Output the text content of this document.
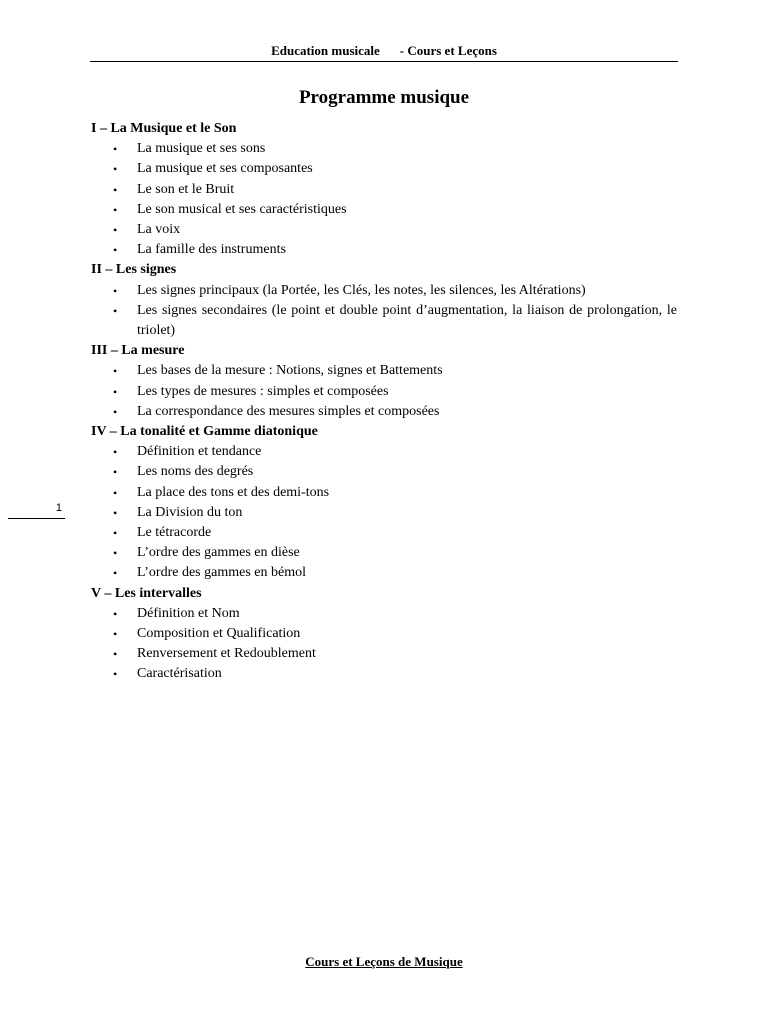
Education musicale - Cours et Leçons
Programme musique

I – La Musique et le Son

• La musique et ses sons
• La musique et ses composantes
• Le son et le Bruit
• Le son musical et ses caractéristiques
• La voix
• La famille des instruments

II – Les signes

• Les signes principaux (la Portée, les Clés, les notes, les silences, les Altérations)
• Les signes secondaires (le point et double point d’augmentation, la liaison de prolongation, le triolet)

III – La mesure

• Les bases de la mesure : Notions, signes et Battements
• Les types de mesures : simples et composées
• La correspondance des mesures simples et composées

IV – La tonalité et Gamme diatonique

• Définition et tendance
• Les noms des degrés
• La place des tons et des demi-tons
• La Division du ton
• Le tétracorde
• L’ordre des gammes en dièse
• L’ordre des gammes en bémol

V – Les intervalles

• Définition et Nom
• Composition et Qualification
• Renversement et Redoublement
• Caractérisation
1
Cours et Leçons de Musique
